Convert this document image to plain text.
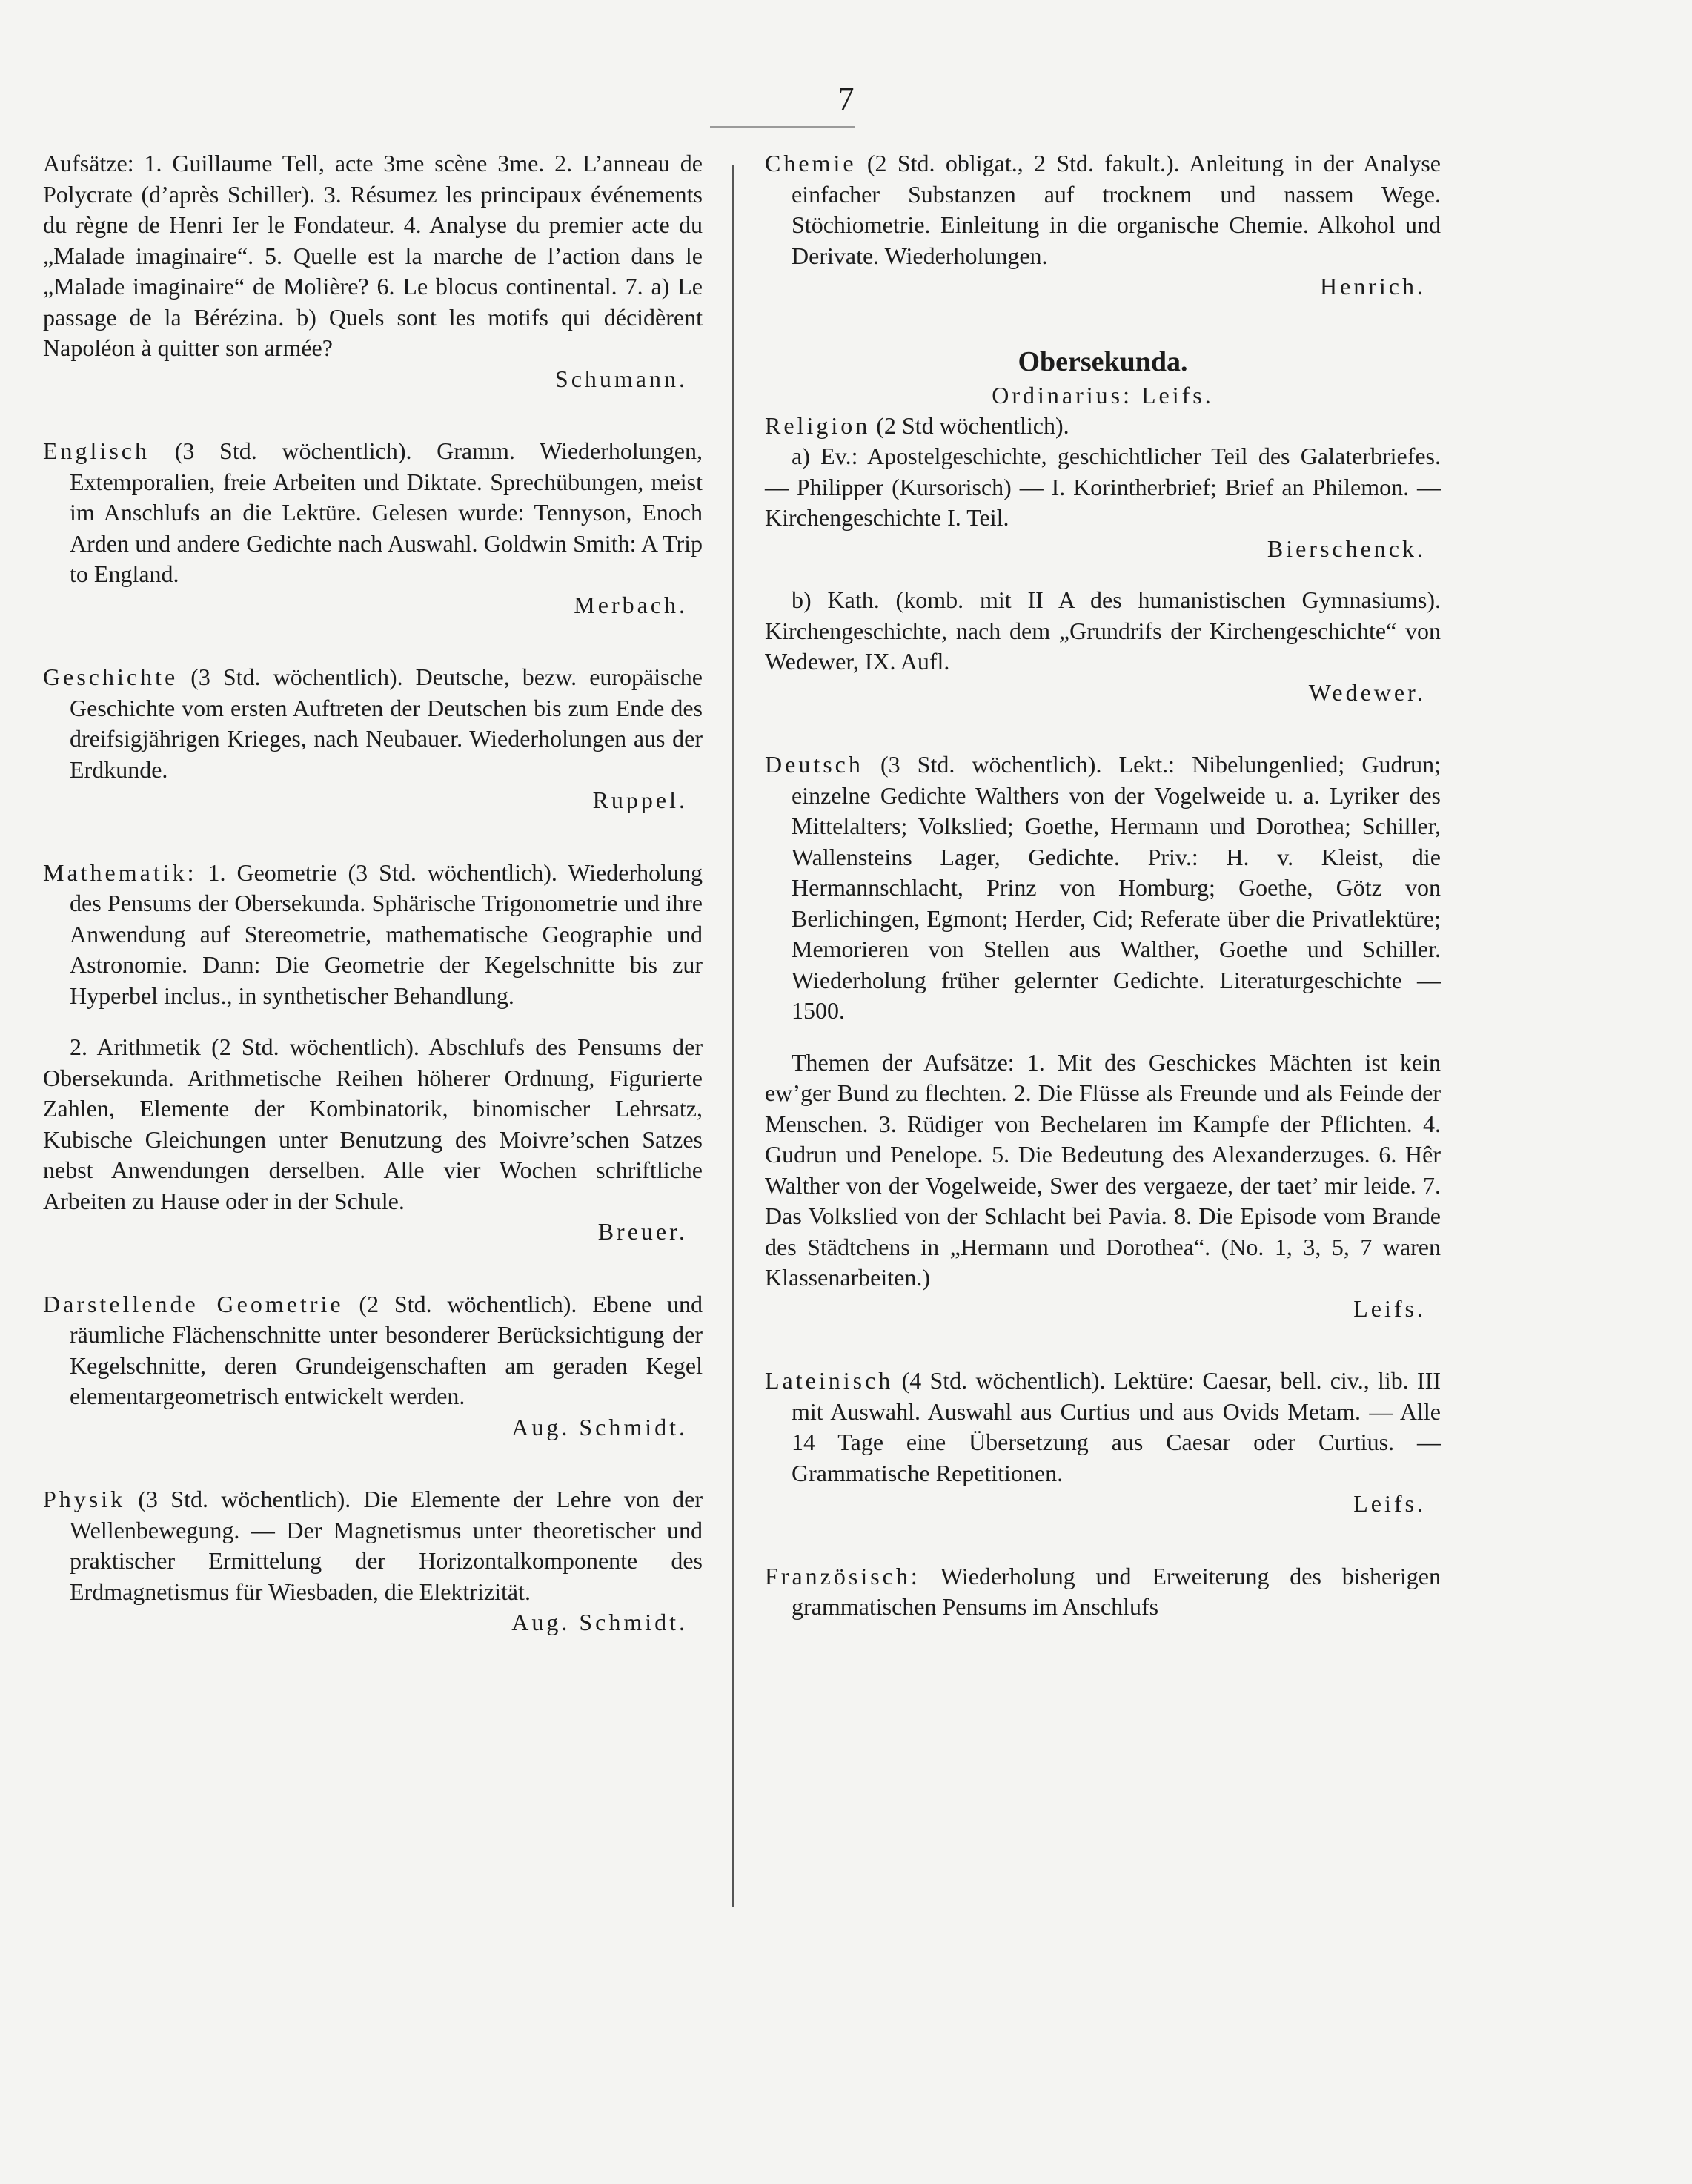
7

Aufsätze: 1. Guillaume Tell, acte 3me scène 3me. 2. L’anneau de Polycrate (d’après Schiller). 3. Résumez les principaux événements du règne de Henri Ier le Fondateur. 4. Analyse du premier acte du „Malade imaginaire“. 5. Quelle est la marche de l’action dans le „Malade imaginaire“ de Molière? 6. Le blocus continental. 7. a) Le passage de la Bérézina. b) Quels sont les motifs qui décidèrent Napoléon à quitter son armée?
Schumann.

Englisch (3 Std. wöchentlich). Gramm. Wiederholungen, Extemporalien, freie Arbeiten und Diktate. Sprechübungen, meist im Anschlufs an die Lektüre. Gelesen wurde: Tennyson, Enoch Arden und andere Gedichte nach Auswahl. Goldwin Smith: A Trip to England.
Merbach.

Geschichte (3 Std. wöchentlich). Deutsche, bezw. europäische Geschichte vom ersten Auftreten der Deutschen bis zum Ende des dreifsigjährigen Krieges, nach Neubauer. Wiederholungen aus der Erdkunde.
Ruppel.

Mathematik: 1. Geometrie (3 Std. wöchentlich). Wiederholung des Pensums der Obersekunda. Sphärische Trigonometrie und ihre Anwendung auf Stereometrie, mathematische Geographie und Astronomie. Dann: Die Geometrie der Kegelschnitte bis zur Hyperbel inclus., in synthetischer Behandlung.

2. Arithmetik (2 Std. wöchentlich). Abschlufs des Pensums der Obersekunda. Arithmetische Reihen höherer Ordnung, Figurierte Zahlen, Elemente der Kombinatorik, binomischer Lehrsatz, Kubische Gleichungen unter Benutzung des Moivre’schen Satzes nebst Anwendungen derselben. Alle vier Wochen schriftliche Arbeiten zu Hause oder in der Schule.
Breuer.

Darstellende Geometrie (2 Std. wöchentlich). Ebene und räumliche Flächenschnitte unter besonderer Berücksichtigung der Kegelschnitte, deren Grundeigenschaften am geraden Kegel elementargeometrisch entwickelt werden.
Aug. Schmidt.

Physik (3 Std. wöchentlich). Die Elemente der Lehre von der Wellenbewegung. — Der Magnetismus unter theoretischer und praktischer Ermittelung der Horizontalkomponente des Erdmagnetismus für Wiesbaden, die Elektrizität.
Aug. Schmidt.

Chemie (2 Std. obligat., 2 Std. fakult.). Anleitung in der Analyse einfacher Substanzen auf trocknem und nassem Wege. Stöchiometrie. Einleitung in die organische Chemie. Alkohol und Derivate. Wiederholungen.
Henrich.

Obersekunda.

Ordinarius: Leifs.

Religion (2 Std wöchentlich).

a) Ev.: Apostelgeschichte, geschichtlicher Teil des Galaterbriefes. — Philipper (Kursorisch) — I. Korintherbrief; Brief an Philemon. — Kirchengeschichte I. Teil.
Bierschenck.

b) Kath. (komb. mit II A des humanistischen Gymnasiums). Kirchengeschichte, nach dem „Grundrifs der Kirchengeschichte“ von Wedewer, IX. Aufl.
Wedewer.

Deutsch (3 Std. wöchentlich). Lekt.: Nibelungenlied; Gudrun; einzelne Gedichte Walthers von der Vogelweide u. a. Lyriker des Mittelalters; Volkslied; Goethe, Hermann und Dorothea; Schiller, Wallensteins Lager, Gedichte. Priv.: H. v. Kleist, die Hermannschlacht, Prinz von Homburg; Goethe, Götz von Berlichingen, Egmont; Herder, Cid; Referate über die Privatlektüre; Memorieren von Stellen aus Walther, Goethe und Schiller. Wiederholung früher gelernter Gedichte. Literaturgeschichte — 1500.

Themen der Aufsätze: 1. Mit des Geschickes Mächten ist kein ew’ger Bund zu flechten. 2. Die Flüsse als Freunde und als Feinde der Menschen. 3. Rüdiger von Bechelaren im Kampfe der Pflichten. 4. Gudrun und Penelope. 5. Die Bedeutung des Alexanderzuges. 6. Hêr Walther von der Vogelweide, Swer des vergaeze, der taet’ mir leide. 7. Das Volkslied von der Schlacht bei Pavia. 8. Die Episode vom Brande des Städtchens in „Hermann und Dorothea“. (No. 1, 3, 5, 7 waren Klassenarbeiten.)
Leifs.

Lateinisch (4 Std. wöchentlich). Lektüre: Caesar, bell. civ., lib. III mit Auswahl. Auswahl aus Curtius und aus Ovids Metam. — Alle 14 Tage eine Übersetzung aus Caesar oder Curtius. — Grammatische Repetitionen.
Leifs.

Französisch: Wiederholung und Erweiterung des bisherigen grammatischen Pensums im Anschlufs
